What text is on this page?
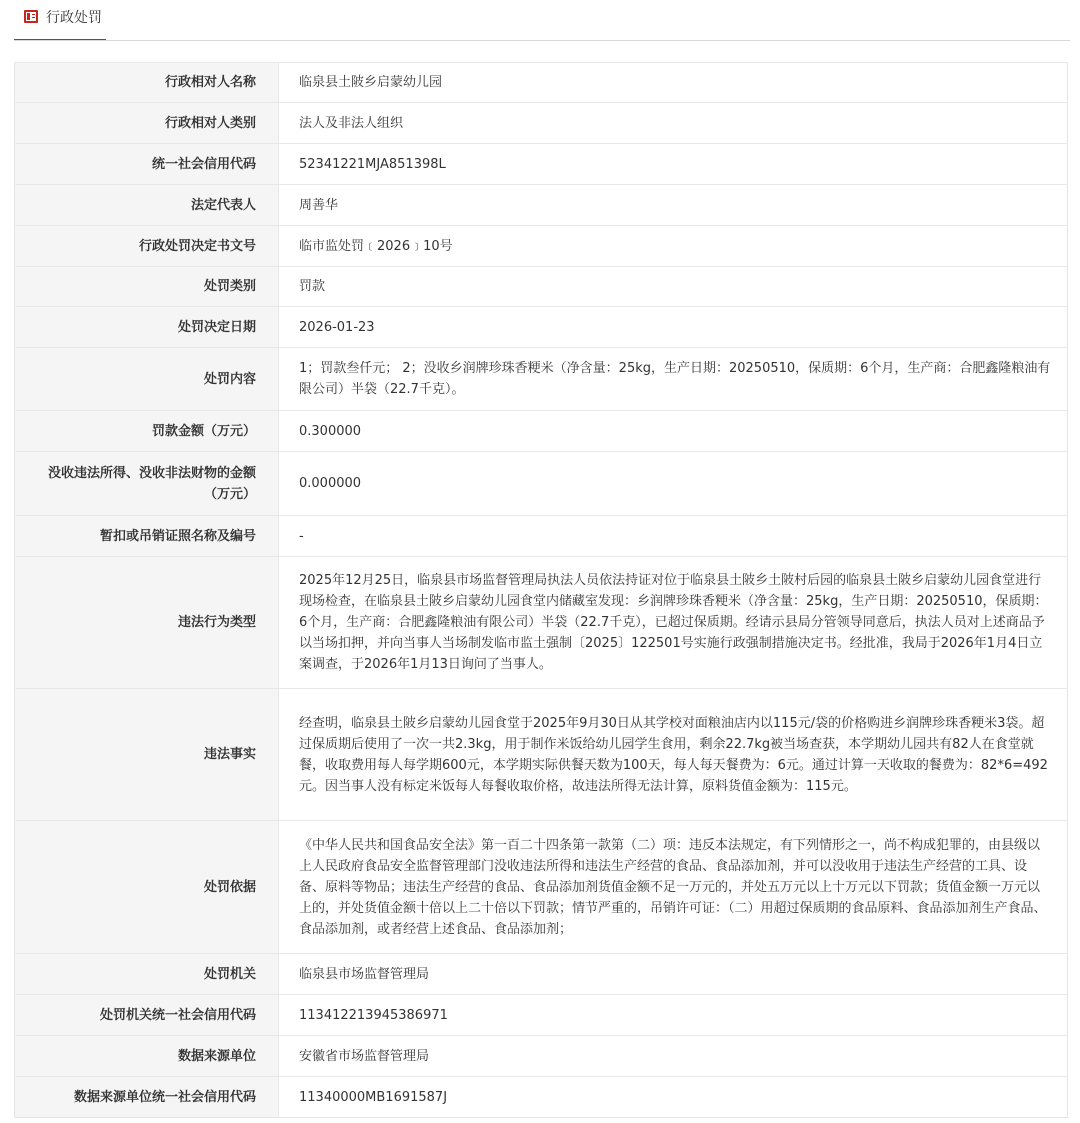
行政处罚
行政相对人名称	临泉县土陂乡启蒙幼儿园
行政相对人类别	法人及非法人组织
统一社会信用代码	52341221MJA851398L
法定代表人	周善华
行政处罚决定书文号	临市监处罚﹝2026﹞10号
处罚类别	罚款
处罚决定日期	2026-01-23
处罚内容	1；罚款叁仟元； 2；没收乡润牌珍珠香粳米（净含量：25kg，生产日期：20250510，保质期：6个月，生产商：合肥鑫隆粮油有限公司）半袋（22.7千克）。
罚款金额（万元）	0.300000
没收违法所得、没收非法财物的金额（万元）	0.000000
暂扣或吊销证照名称及编号	-
违法行为类型	2025年12月25日，临泉县市场监督管理局执法人员依法持证对位于临泉县土陂乡土陂村后园的临泉县土陂乡启蒙幼儿园食堂进行现场检查，在临泉县土陂乡启蒙幼儿园食堂内储藏室发现：乡润牌珍珠香粳米（净含量：25kg，生产日期：20250510，保质期：6个月，生产商：合肥鑫隆粮油有限公司）半袋（22.7千克），已超过保质期。经请示县局分管领导同意后，执法人员对上述商品予以当场扣押，并向当事人当场制发临市监土强制〔2025〕122501号实施行政强制措施决定书。经批准，我局于2026年1月4日立案调查，于2026年1月13日询问了当事人。
违法事实	经查明，临泉县土陂乡启蒙幼儿园食堂于2025年9月30日从其学校对面粮油店内以115元/袋的价格购进乡润牌珍珠香粳米3袋。超过保质期后使用了一次一共2.3kg，用于制作米饭给幼儿园学生食用，剩余22.7kg被当场查获，本学期幼儿园共有82人在食堂就餐，收取费用每人每学期600元，本学期实际供餐天数为100天，每人每天餐费为：6元。通过计算一天收取的餐费为：82*6=492元。因当事人没有标定米饭每人每餐收取价格，故违法所得无法计算，原料货值金额为：115元。
处罚依据	《中华人民共和国食品安全法》第一百二十四条第一款第（二）项：违反本法规定，有下列情形之一，尚不构成犯罪的，由县级以上人民政府食品安全监督管理部门没收违法所得和违法生产经营的食品、食品添加剂，并可以没收用于违法生产经营的工具、设备、原料等物品；违法生产经营的食品、食品添加剂货值金额不足一万元的，并处五万元以上十万元以下罚款；货值金额一万元以上的，并处货值金额十倍以上二十倍以下罚款；情节严重的，吊销许可证：（二）用超过保质期的食品原料、食品添加剂生产食品、食品添加剂，或者经营上述食品、食品添加剂；
处罚机关	临泉县市场监督管理局
处罚机关统一社会信用代码	113412213945386971
数据来源单位	安徽省市场监督管理局
数据来源单位统一社会信用代码	11340000MB1691587J
